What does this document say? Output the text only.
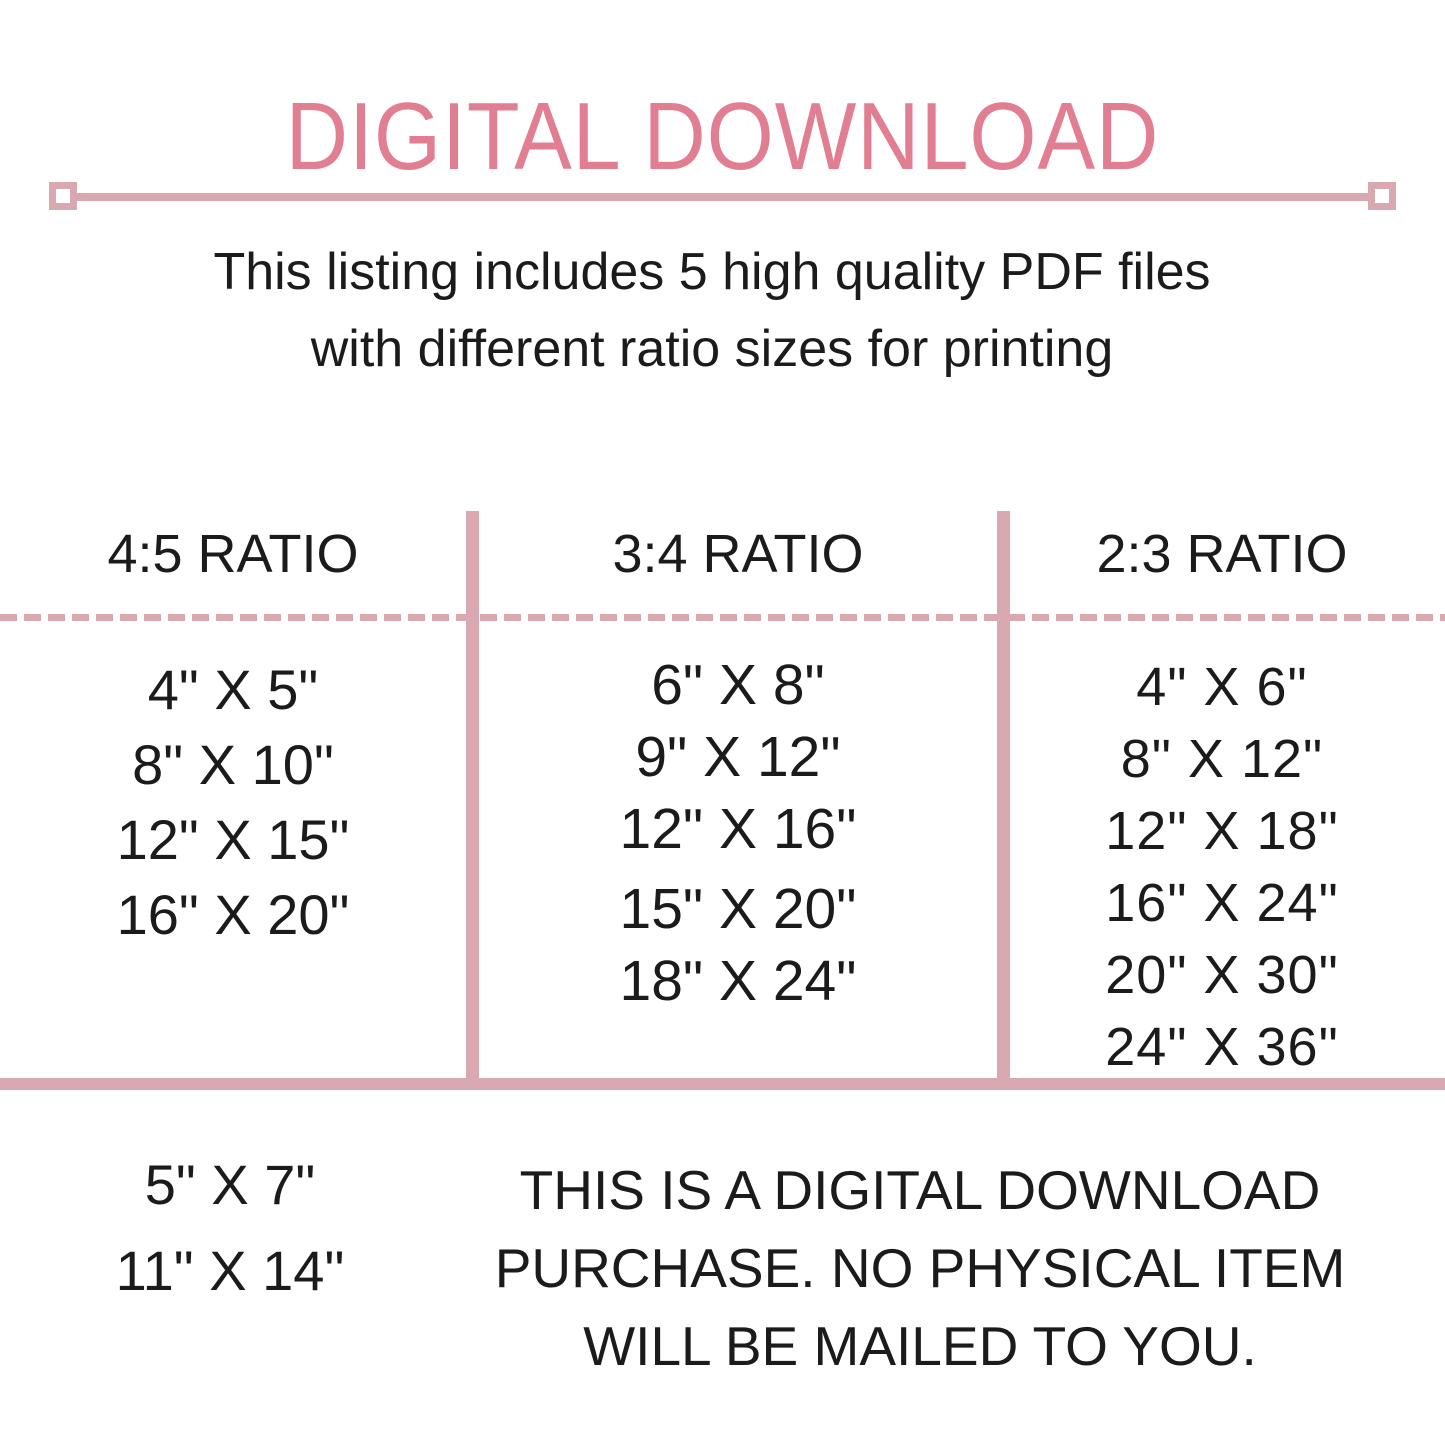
DIGITAL DOWNLOAD
This listing includes 5 high quality PDF files
with different ratio sizes for printing
4:5 RATIO	3:4 RATIO	2:3 RATIO
4" X 5"
8" X 10"
12" X 15"
16" X 20"
6" X 8"
9" X 12"
12" X 16"
15" X 20"
18" X 24"
4" X 6"
8" X 12"
12" X 18"
16" X 24"
20" X 30"
24" X 36"
5" X 7"
11" X 14"
THIS IS A DIGITAL DOWNLOAD
PURCHASE. NO PHYSICAL ITEM
WILL BE MAILED TO YOU.
